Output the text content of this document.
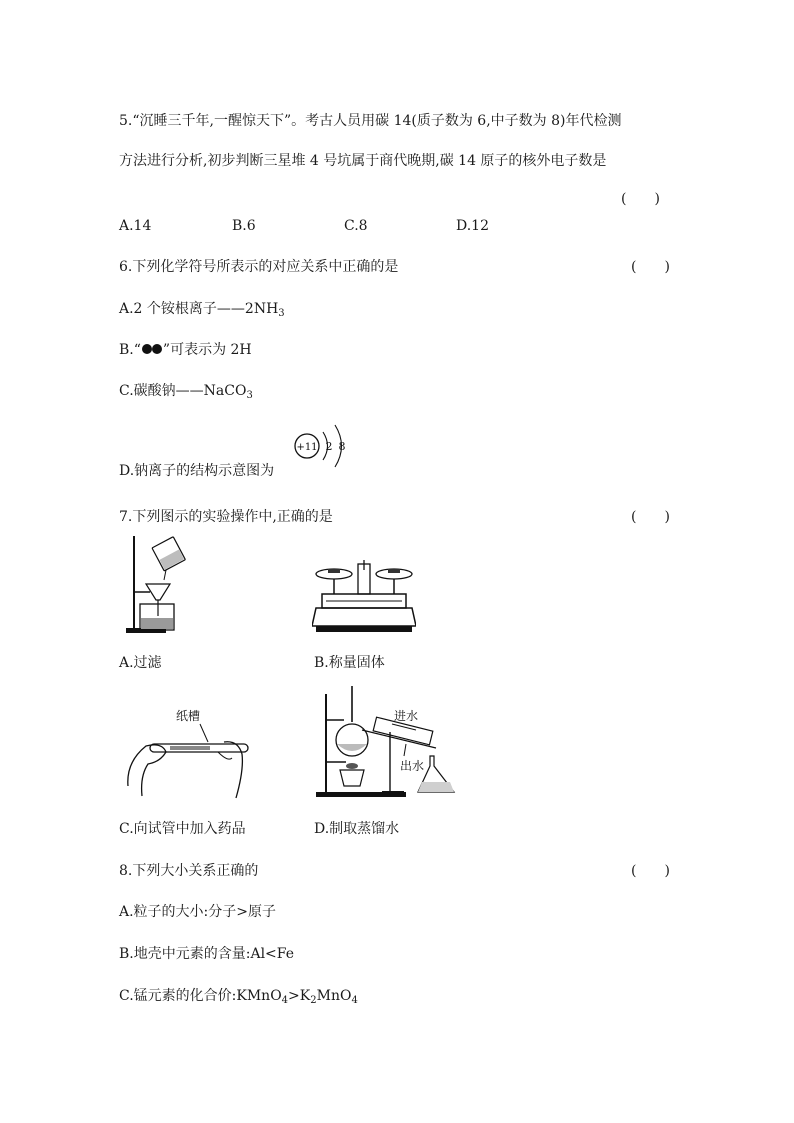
5.“沉睡三千年,一醒惊天下”。考古人员用碳 14(质子数为 6,中子数为 8)年代检测
方法进行分析,初步判断三星堆 4 号坑属于商代晚期,碳 14 原子的核外电子数是
(　　)
A.14	B.6	C.8	D.12
6.下列化学符号所表示的对应关系中正确的是	(　　)
A.2 个铵根离子$——2NH_3$
B.“ ”可表示为 2H
C.碳酸钠——NaCO$_3$
D.钠离子的结构示意图为
+11 2 8
7.下列图示的实验操作中,正确的是	(　　)
A.过滤	B.称量固体
纸槽
C.向试管中加入药品
进水
出水
D.制取蒸馏水
8.下列大小关系正确的	(　　)
A.粒子的大小:分子>原子
B.地壳中元素的含量:Al<Fe
C.锰元素的化合价$:KMnO_4>K_2MnO_4$
